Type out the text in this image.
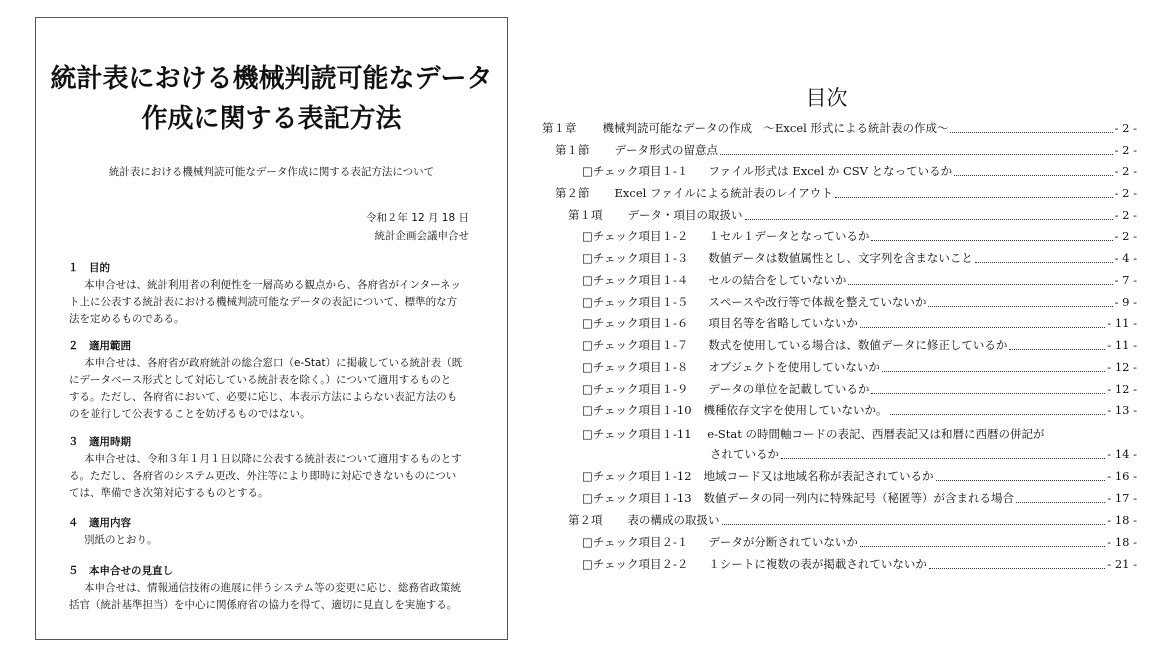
統計表における機械判読可能なデータ
作成に関する表記方法
統計表における機械判読可能なデータ作成に関する表記方法について
令和２年 12 月 18 日
統計企画会議申合せ
１　目的
本申合せは、統計利用者の利便性を一層高める観点から、各府省がインターネッ
ト上に公表する統計表における機械判読可能なデータの表記について、標準的な方
法を定めるものである。
２　適用範囲
本申合せは、各府省が政府統計の総合窓口（e-Stat）に掲載している統計表（既
にデータベース形式として対応している統計表を除く。）について適用するものと
する。ただし、各府省において、必要に応じ、本表示方法によらない表記方法のも
のを並行して公表することを妨げるものではない。
３　適用時期
本申合せは、令和３年１月１日以降に公表する統計表について適用するものとす
る。ただし、各府省のシステム更改、外注等により即時に対応できないものについ
ては、準備でき次第対応するものとする。
４　適用内容
別紙のとおり。
５　本申合せの見直し
本申合せは、情報通信技術の進展に伴うシステム等の変更に応じ、総務省政策統
括官（統計基準担当）を中心に関係府省の協力を得て、適切に見直しを実施する。
目次
第１章 機械判読可能なデータの作成　～Excel 形式による統計表の作成～	- 2 -
第１節 データ形式の留意点	- 2 -
□チェック項目１-１ ファイル形式は Excel か CSV となっているか	- 2 -
第２節 Excel ファイルによる統計表のレイアウト	- 2 -
第１項 データ・項目の取扱い	- 2 -
□チェック項目１-２ １セル１データとなっているか	- 2 -
□チェック項目１-３ 数値データは数値属性とし、文字列を含まないこと	- 4 -
□チェック項目１-４ セルの結合をしていないか	- 7 -
□チェック項目１-５ スペースや改行等で体裁を整えていないか	- 9 -
□チェック項目１-６ 項目名等を省略していないか	- 11 -
□チェック項目１-７ 数式を使用している場合は、数値データに修正しているか	- 11 -
□チェック項目１-８ オブジェクトを使用していないか	- 12 -
□チェック項目１-９ データの単位を記載しているか	- 12 -
□チェック項目１-10 機種依存文字を使用していないか。	- 13 -
□チェック項目１-11 e-Stat の時間軸コードの表記、西暦表記又は和暦に西暦の併記が
されているか	- 14 -
□チェック項目１-12 地域コード又は地域名称が表記されているか	- 16 -
□チェック項目１-13 数値データの同一列内に特殊記号（秘匿等）が含まれる場合	- 17 -
第２項 表の構成の取扱い	- 18 -
□チェック項目２-１ データが分断されていないか	- 18 -
□チェック項目２-２ １シートに複数の表が掲載されていないか	- 21 -
